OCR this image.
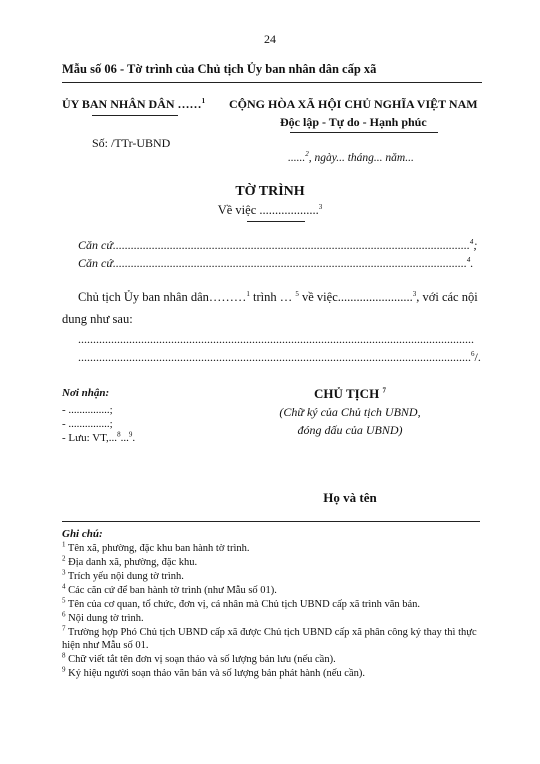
24
Mẫu số 06 - Tờ trình của Chủ tịch Ủy ban nhân dân cấp xã
ỦY BAN NHÂN DÂN ……$^1$ CỘNG HÒA XÃ HỘI CHỦ NGHĨA VIỆT NAM
Độc lập - Tự do - Hạnh phúc
Số: /TTr-UBND
......$^2$, ngày... tháng... năm...
TỜ TRÌNH
Về việc ...................$^3$
Căn cứ.......................................................................................................................$^4$;
Căn cứ......................................................................................................................$^4$.
Chủ tịch Ủy ban nhân dân………$^1$ trình … $^5$ về việc........................$^3$, với các nội
dung như sau:
....................................................................................................................................
...................................................................................................................................$^6$/.
Nơi nhận:
- ...............;
- ...............;
- Lưu: VT,...$^8$...$^9$.
CHỦ TỊCH $^7$
(Chữ ký của Chủ tịch UBND,
đóng dấu của UBND)
Họ và tên
Ghi chú:
$^1$ Tên xã, phường, đặc khu ban hành tờ trình.
$^2$ Địa danh xã, phường, đặc khu.
$^3$ Trích yếu nội dung tờ trình.
$^4$ Các căn cứ để ban hành tờ trình (như Mẫu số 01).
$^5$ Tên của cơ quan, tổ chức, đơn vị, cá nhân mà Chủ tịch UBND cấp xã trình văn bản.
$^6$ Nội dung tờ trình.
$^7$ Trường hợp Phó Chủ tịch UBND cấp xã được Chủ tịch UBND cấp xã phân công ký thay thì thực
hiện như Mẫu số 01.
$^8$ Chữ viết tắt tên đơn vị soạn thảo và số lượng bản lưu (nếu cần).
$^9$ Ký hiệu người soạn thảo văn bản và số lượng bản phát hành (nếu cần).
